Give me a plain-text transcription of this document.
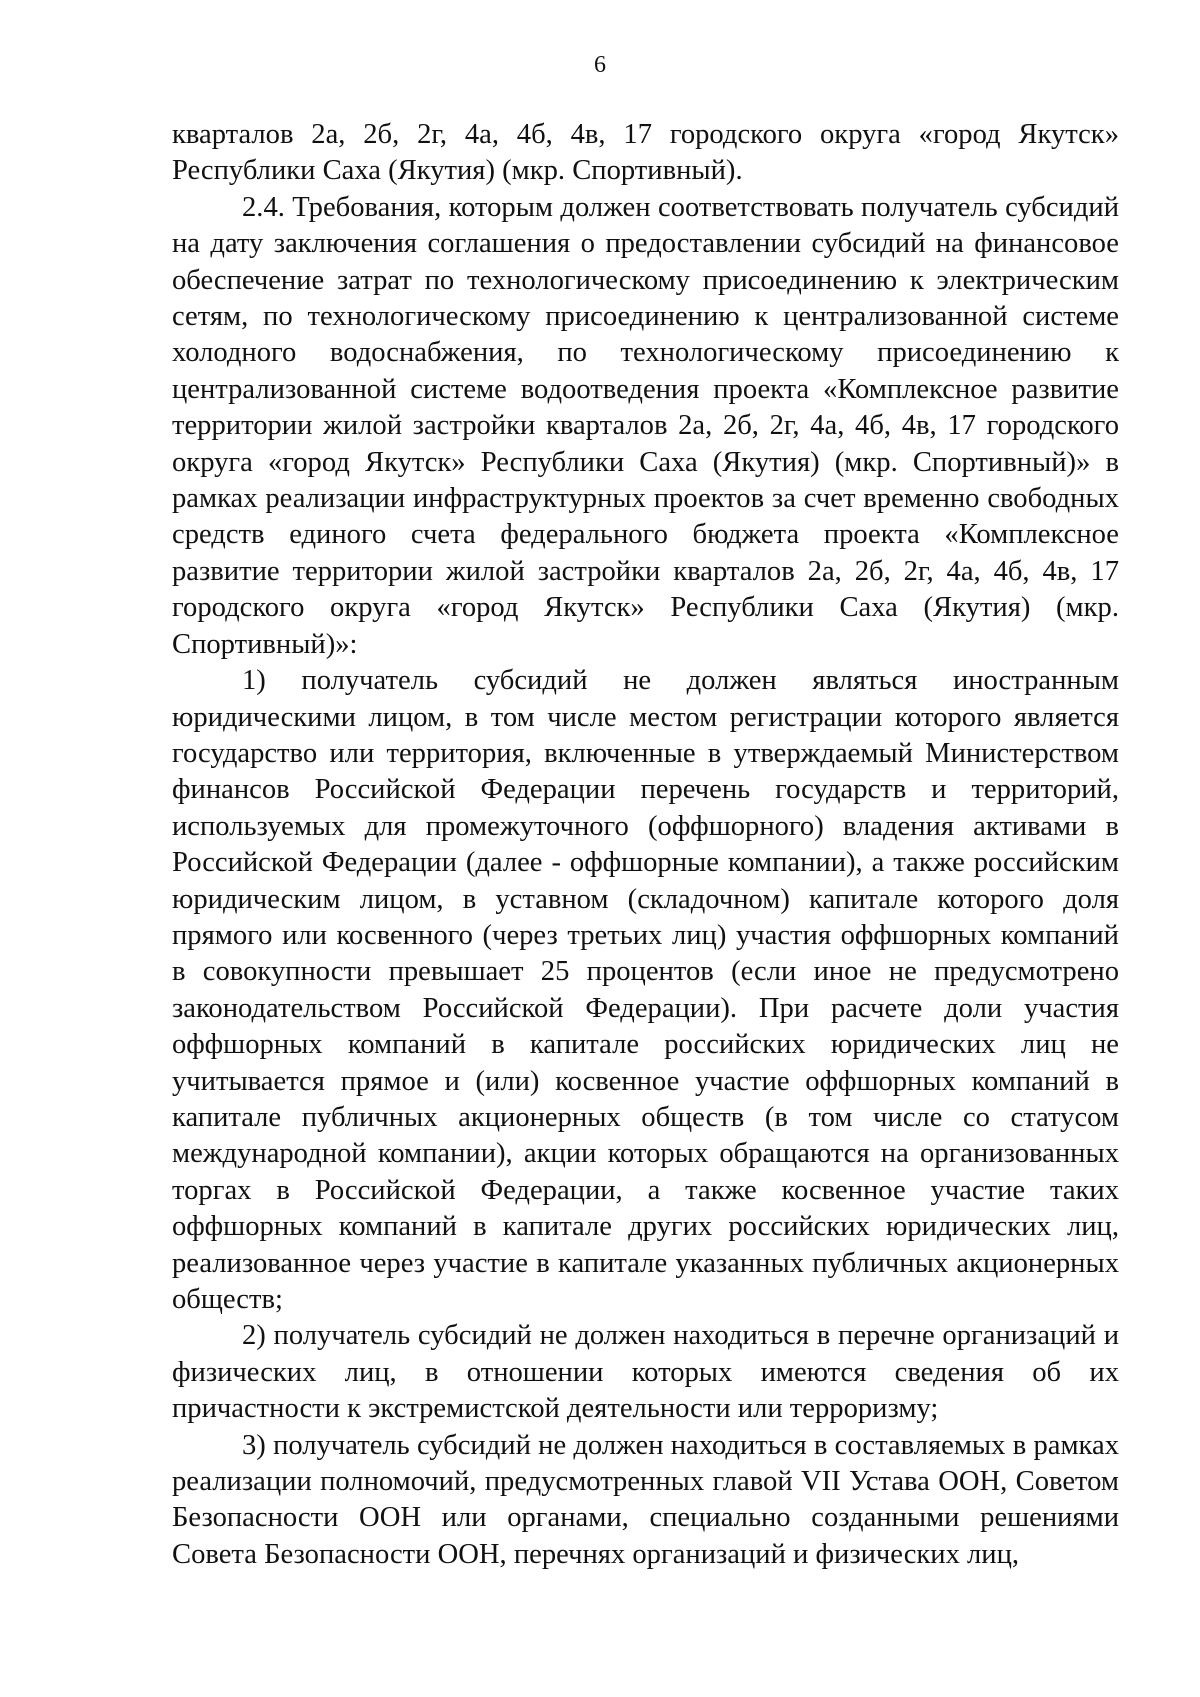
6

кварталов 2а, 2б, 2г, 4а, 4б, 4в, 17 городского округа «город Якутск» Республики Саха (Якутия) (мкр. Спортивный).

2.4. Требования, которым должен соответствовать получатель субсидий на дату заключения соглашения о предоставлении субсидий на финансовое обеспечение затрат по технологическому присоединению к электрическим сетям, по технологическому присоединению к централизованной системе холодного водоснабжения, по технологическому присоединению к централизованной системе водоотведения проекта «Комплексное развитие территории жилой застройки кварталов 2а, 2б, 2г, 4а, 4б, 4в, 17 городского округа «город Якутск» Республики Саха (Якутия) (мкр. Спортивный)» в рамках реализации инфраструктурных проектов за счет временно свободных средств единого счета федерального бюджета проекта «Комплексное развитие территории жилой застройки кварталов 2а, 2б, 2г, 4а, 4б, 4в, 17 городского округа «город Якутск» Республики Саха (Якутия) (мкр. Спортивный)»:

1) получатель субсидий не должен являться иностранным юридическими лицом, в том числе местом регистрации которого является государство или территория, включенные в утверждаемый Министерством финансов Российской Федерации перечень государств и территорий, используемых для промежуточного (оффшорного) владения активами в Российской Федерации (далее - оффшорные компании), а также российским юридическим лицом, в уставном (складочном) капитале которого доля прямого или косвенного (через третьих лиц) участия оффшорных компаний в совокупности превышает 25 процентов (если иное не предусмотрено законодательством Российской Федерации). При расчете доли участия оффшорных компаний в капитале российских юридических лиц не учитывается прямое и (или) косвенное участие оффшорных компаний в капитале публичных акционерных обществ (в том числе со статусом международной компании), акции которых обращаются на организованных торгах в Российской Федерации, а также косвенное участие таких оффшорных компаний в капитале других российских юридических лиц, реализованное через участие в капитале указанных публичных акционерных обществ;

2) получатель субсидий не должен находиться в перечне организаций и физических лиц, в отношении которых имеются сведения об их причастности к экстремистской деятельности или терроризму;

3) получатель субсидий не должен находиться в составляемых в рамках реализации полномочий, предусмотренных главой VII Устава ООН, Советом Безопасности ООН или органами, специально созданными решениями Совета Безопасности ООН, перечнях организаций и физических лиц,
